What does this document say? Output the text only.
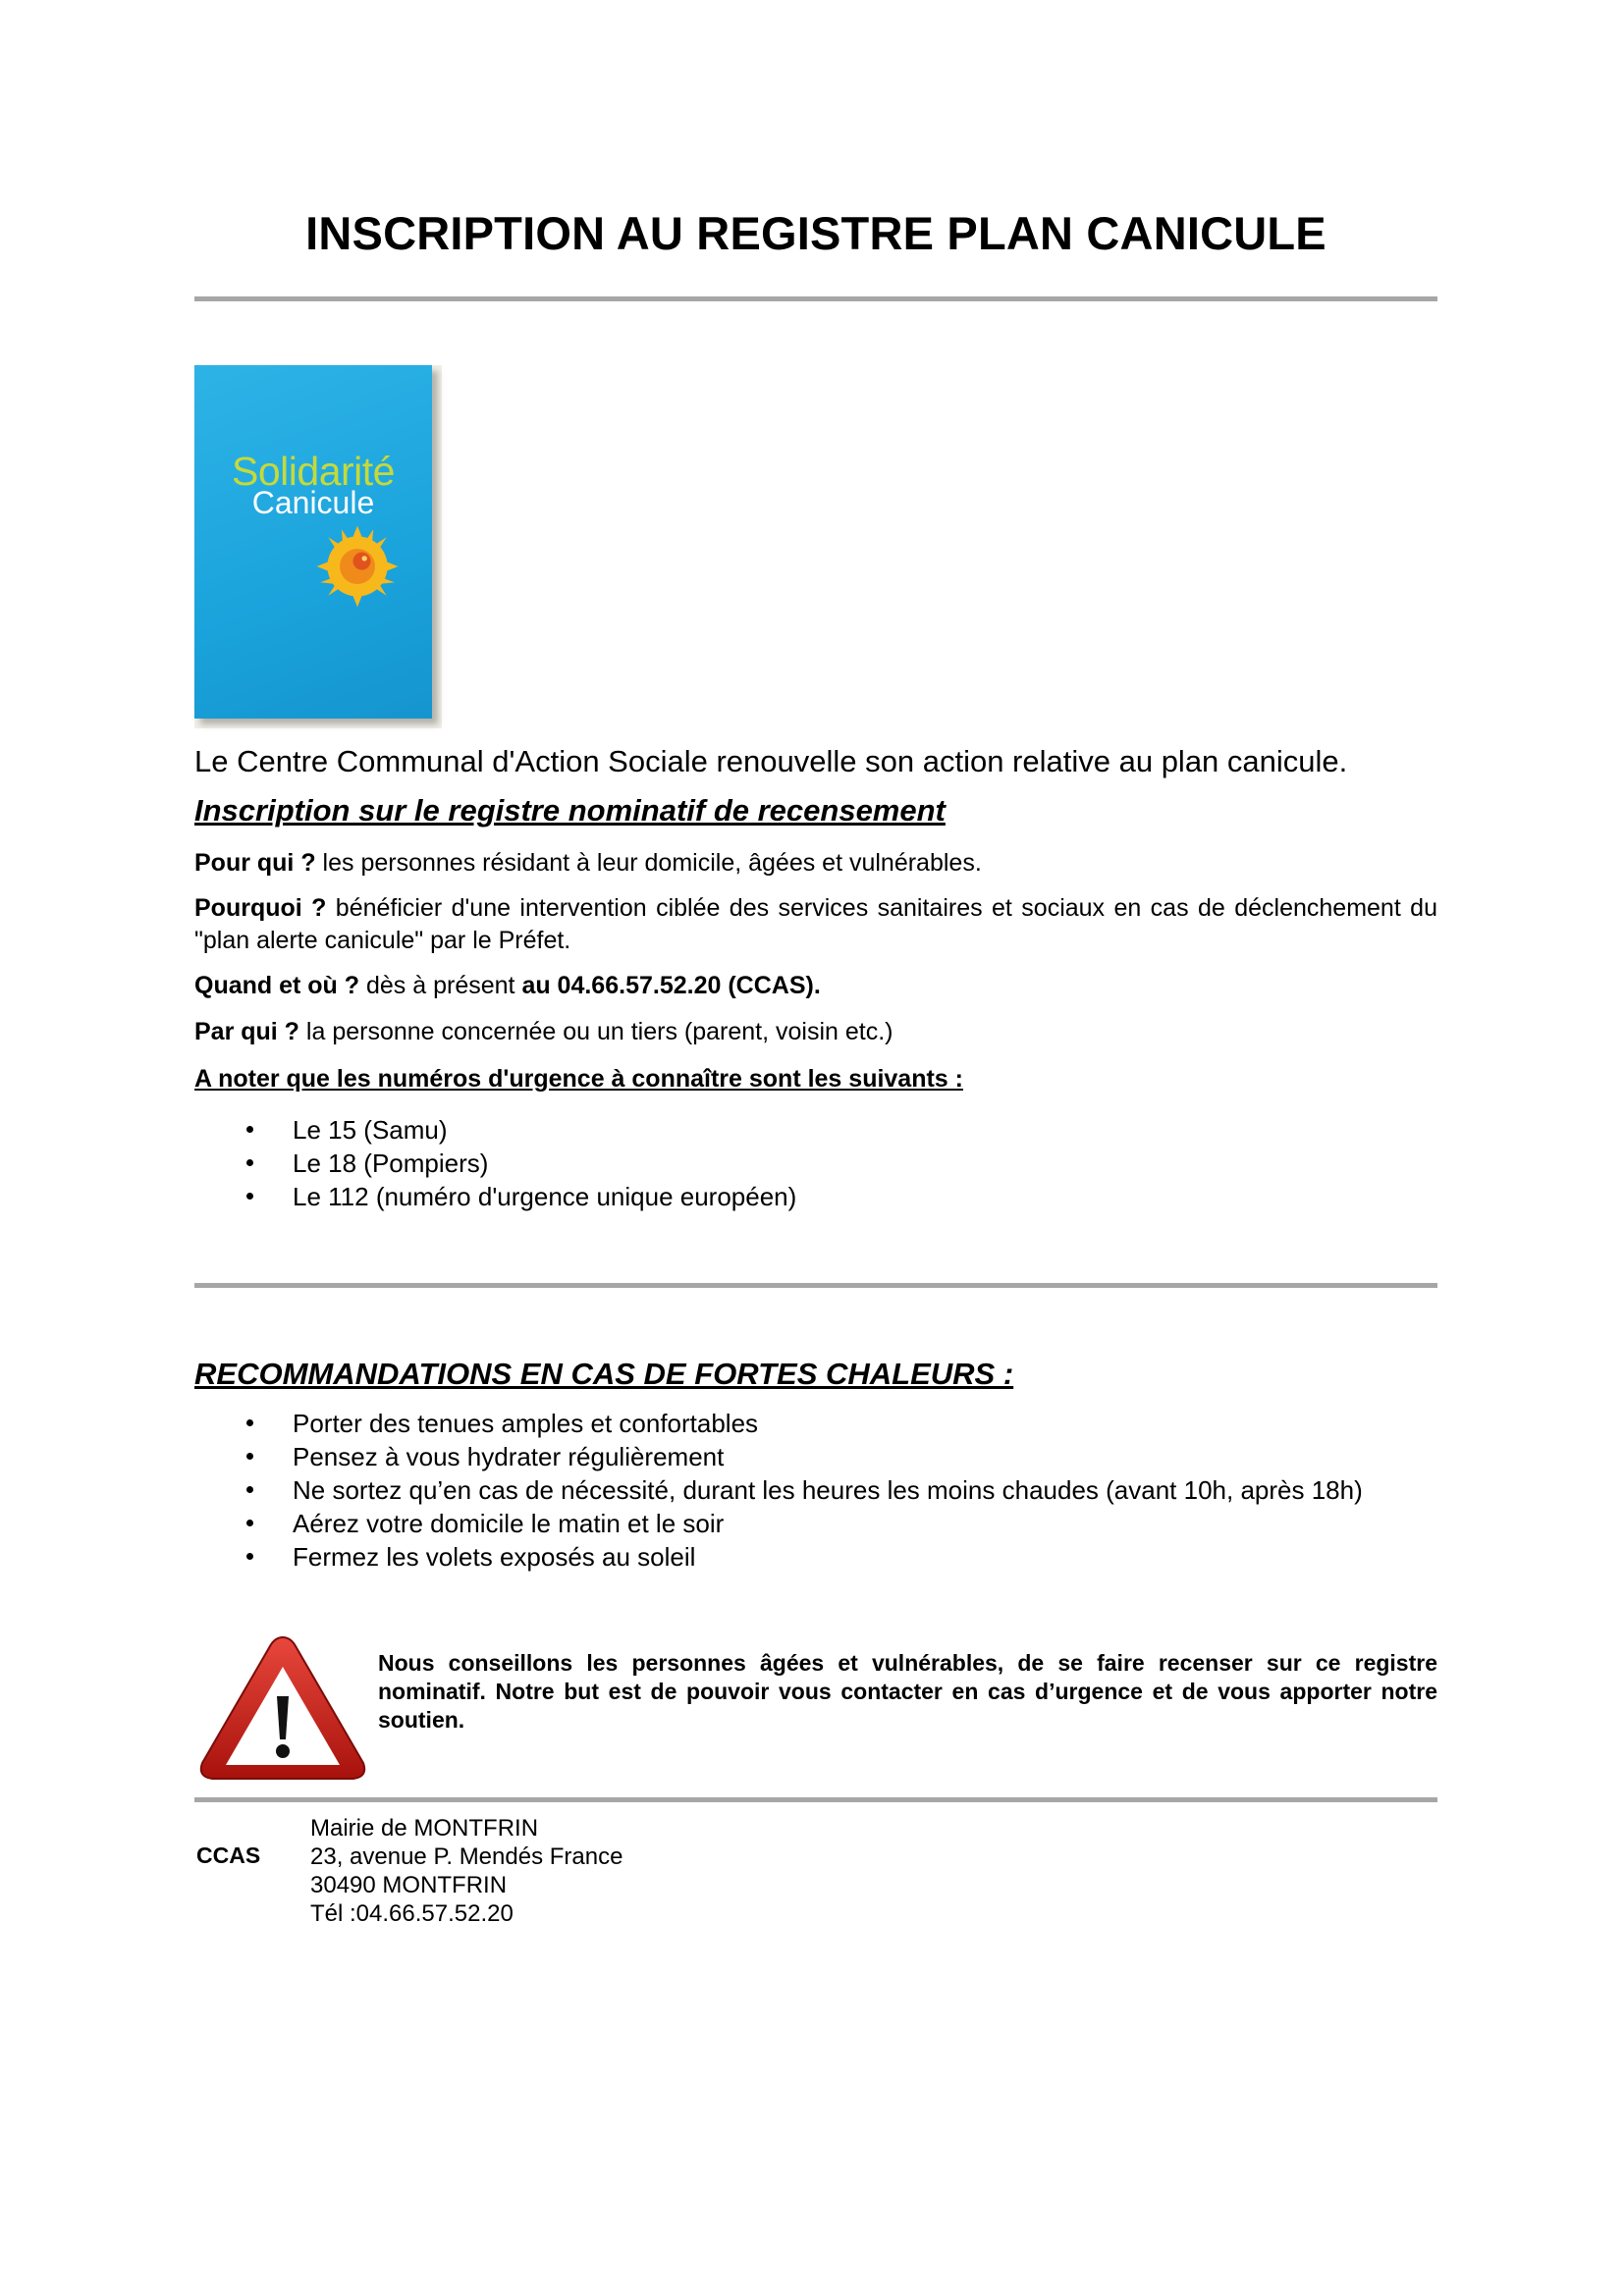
INSCRIPTION AU REGISTRE PLAN CANICULE
Solidarité
Canicule
Le Centre Communal d'Action Sociale renouvelle son action relative au plan canicule.
Inscription sur le registre nominatif de recensement
Pour qui ? les personnes résidant à leur domicile, âgées et vulnérables.
Pourquoi ? bénéficier d'une intervention ciblée des services sanitaires et sociaux en cas de déclenchement du "plan alerte canicule" par le Préfet.
Quand et où ? dès à présent au 04.66.57.52.20 (CCAS).
Par qui ? la personne concernée ou un tiers (parent, voisin etc.)
A noter que les numéros d'urgence à connaître sont les suivants :
Le 15 (Samu)
Le 18 (Pompiers)
Le 112 (numéro d'urgence unique européen)
RECOMMANDATIONS EN CAS DE FORTES CHALEURS :
Porter des tenues amples et confortables
Pensez à vous hydrater régulièrement
Ne sortez qu’en cas de nécessité, durant les heures les moins chaudes (avant 10h, après 18h)
Aérez votre domicile le matin et le soir
Fermez les volets exposés au soleil
Nous conseillons les personnes âgées et vulnérables, de se faire recenser sur ce registre nominatif. Notre but est de pouvoir vous contacter en cas d’urgence et de vous apporter notre soutien.
CCAS
Mairie de MONTFRIN
23, avenue P. Mendés France
30490 MONTFRIN
Tél :04.66.57.52.20
